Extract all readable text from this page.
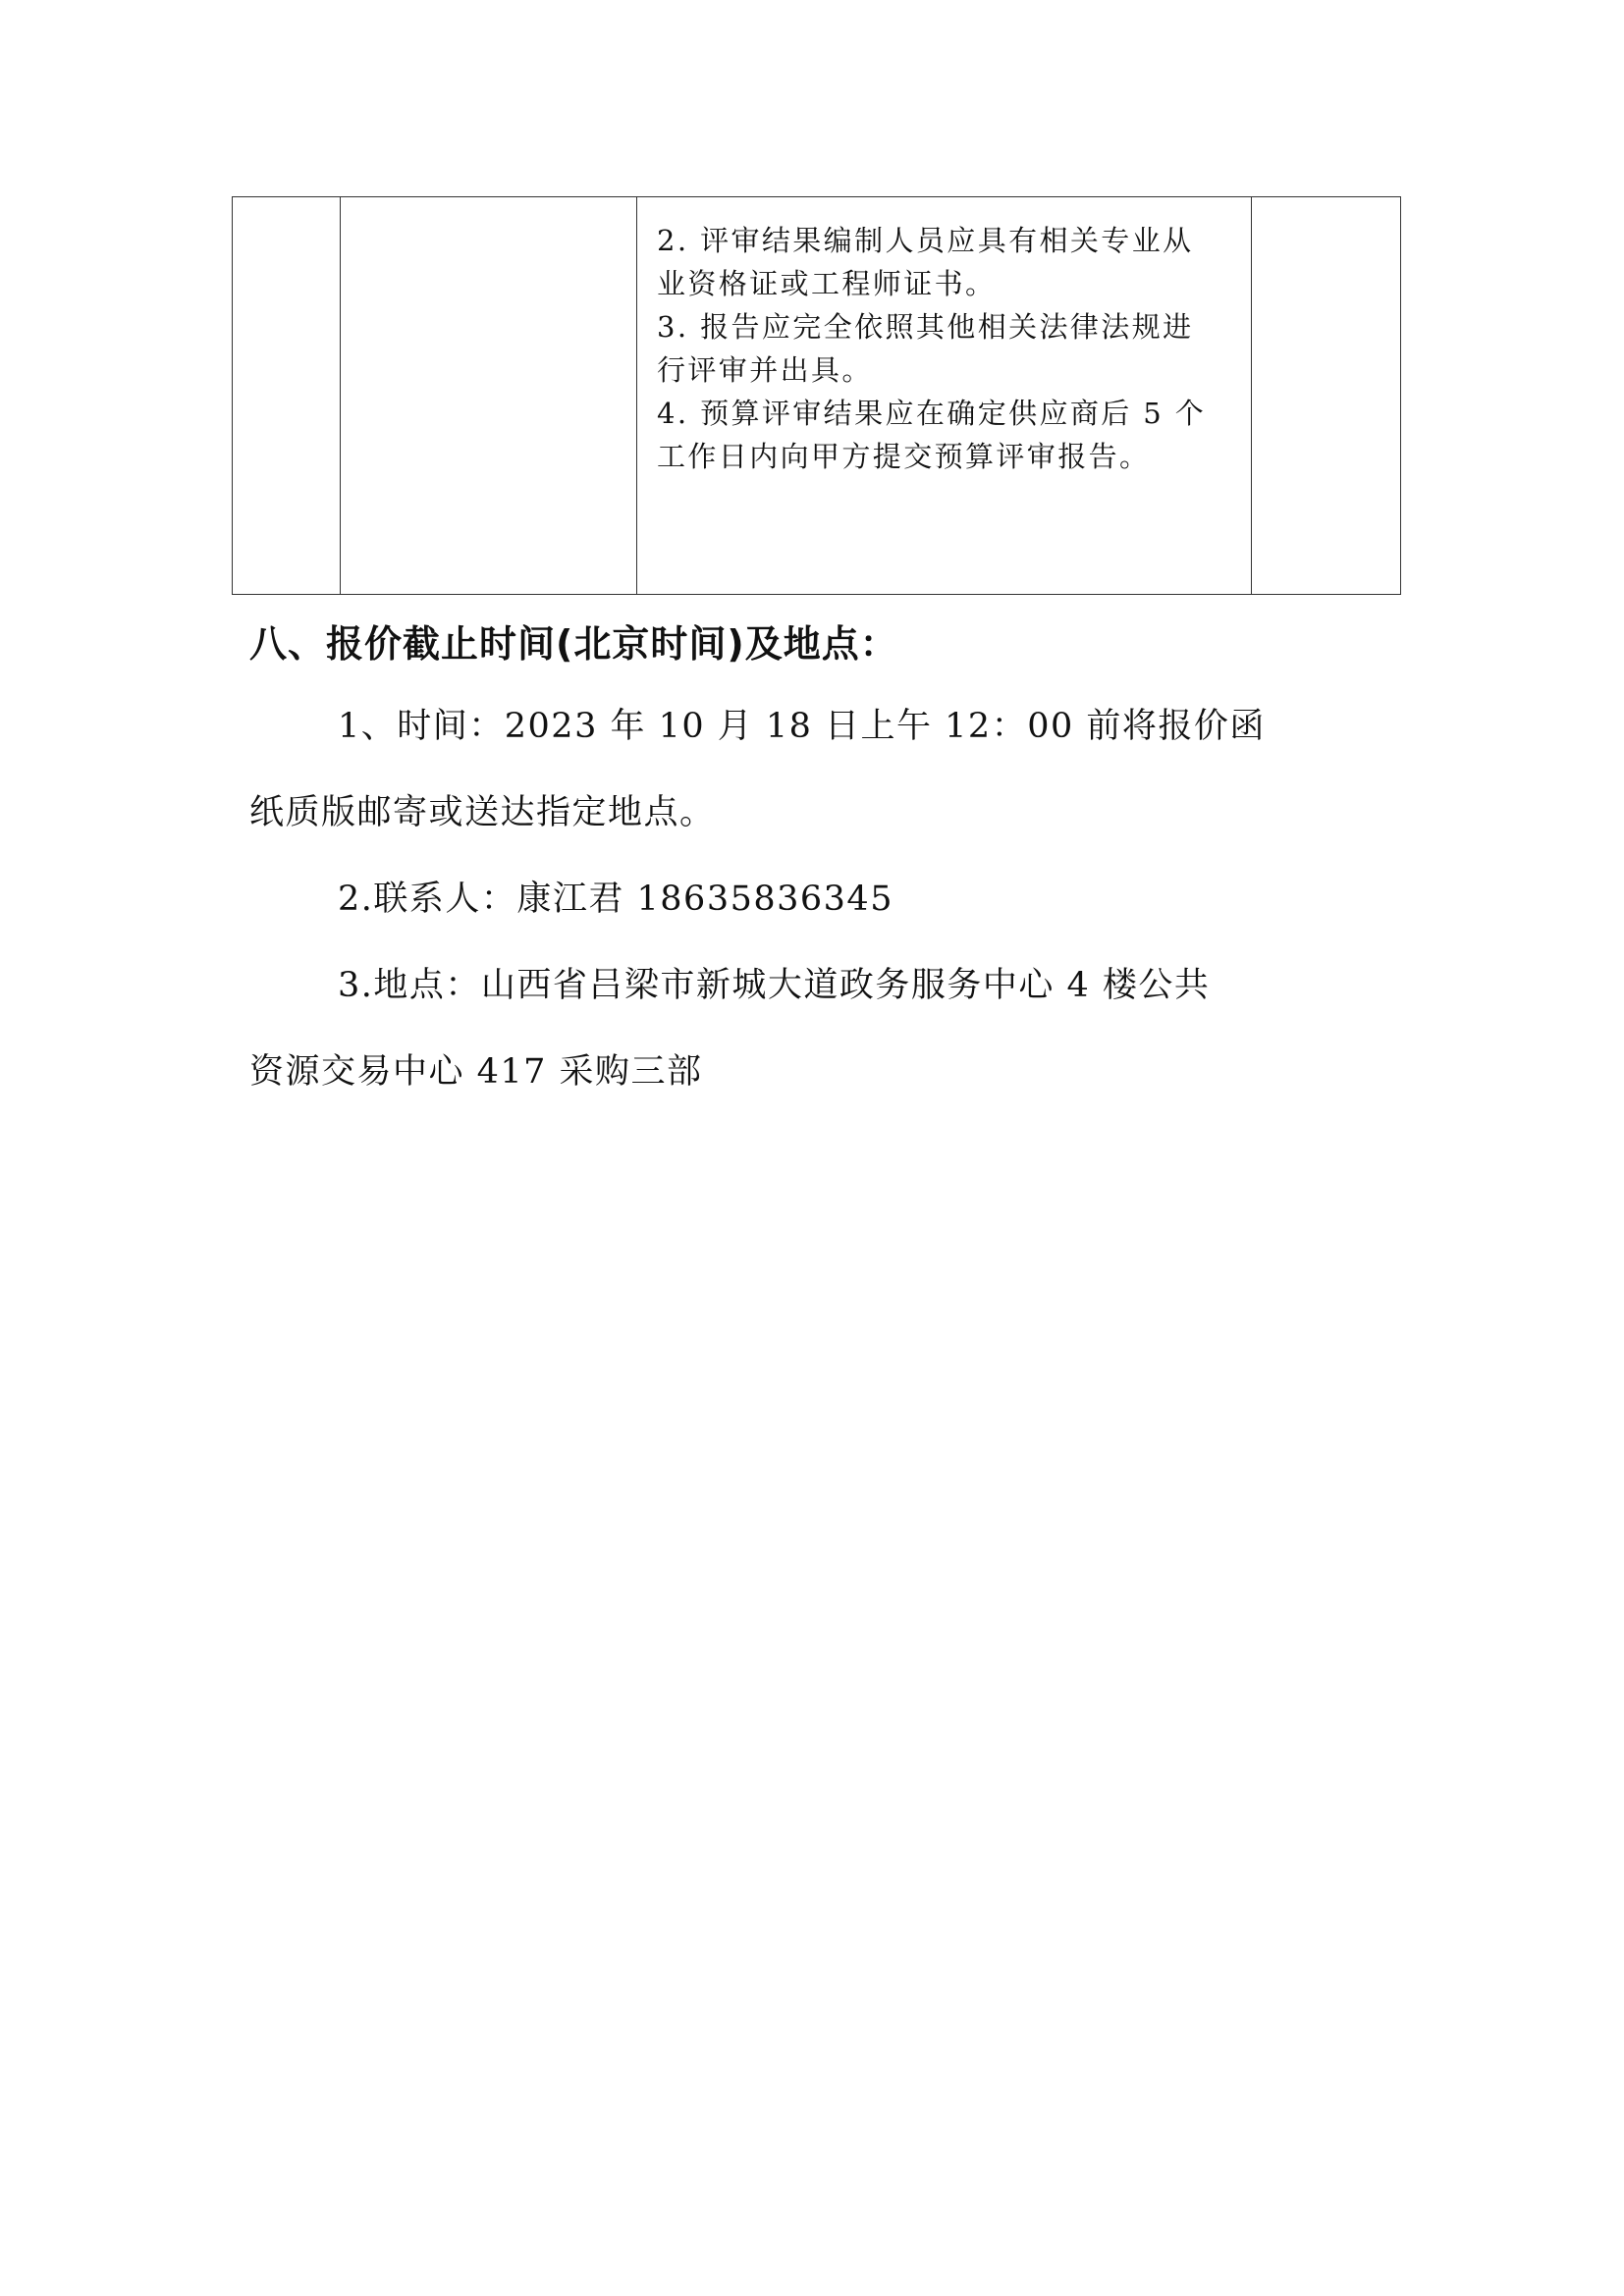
2. 评审结果编制人员应具有相关专业从
业资格证或工程师证书。
3. 报告应完全依照其他相关法律法规进
行评审并出具。
4. 预算评审结果应在确定供应商后 5 个
工作日内向甲方提交预算评审报告。

八、报价截止时间(北京时间)及地点：
1、时间：2023 年 10 月 18 日上午 12：00 前将报价函
纸质版邮寄或送达指定地点。
2.联系人：康江君 18635836345
3.地点：山西省吕梁市新城大道政务服务中心 4 楼公共
资源交易中心 417 采购三部
